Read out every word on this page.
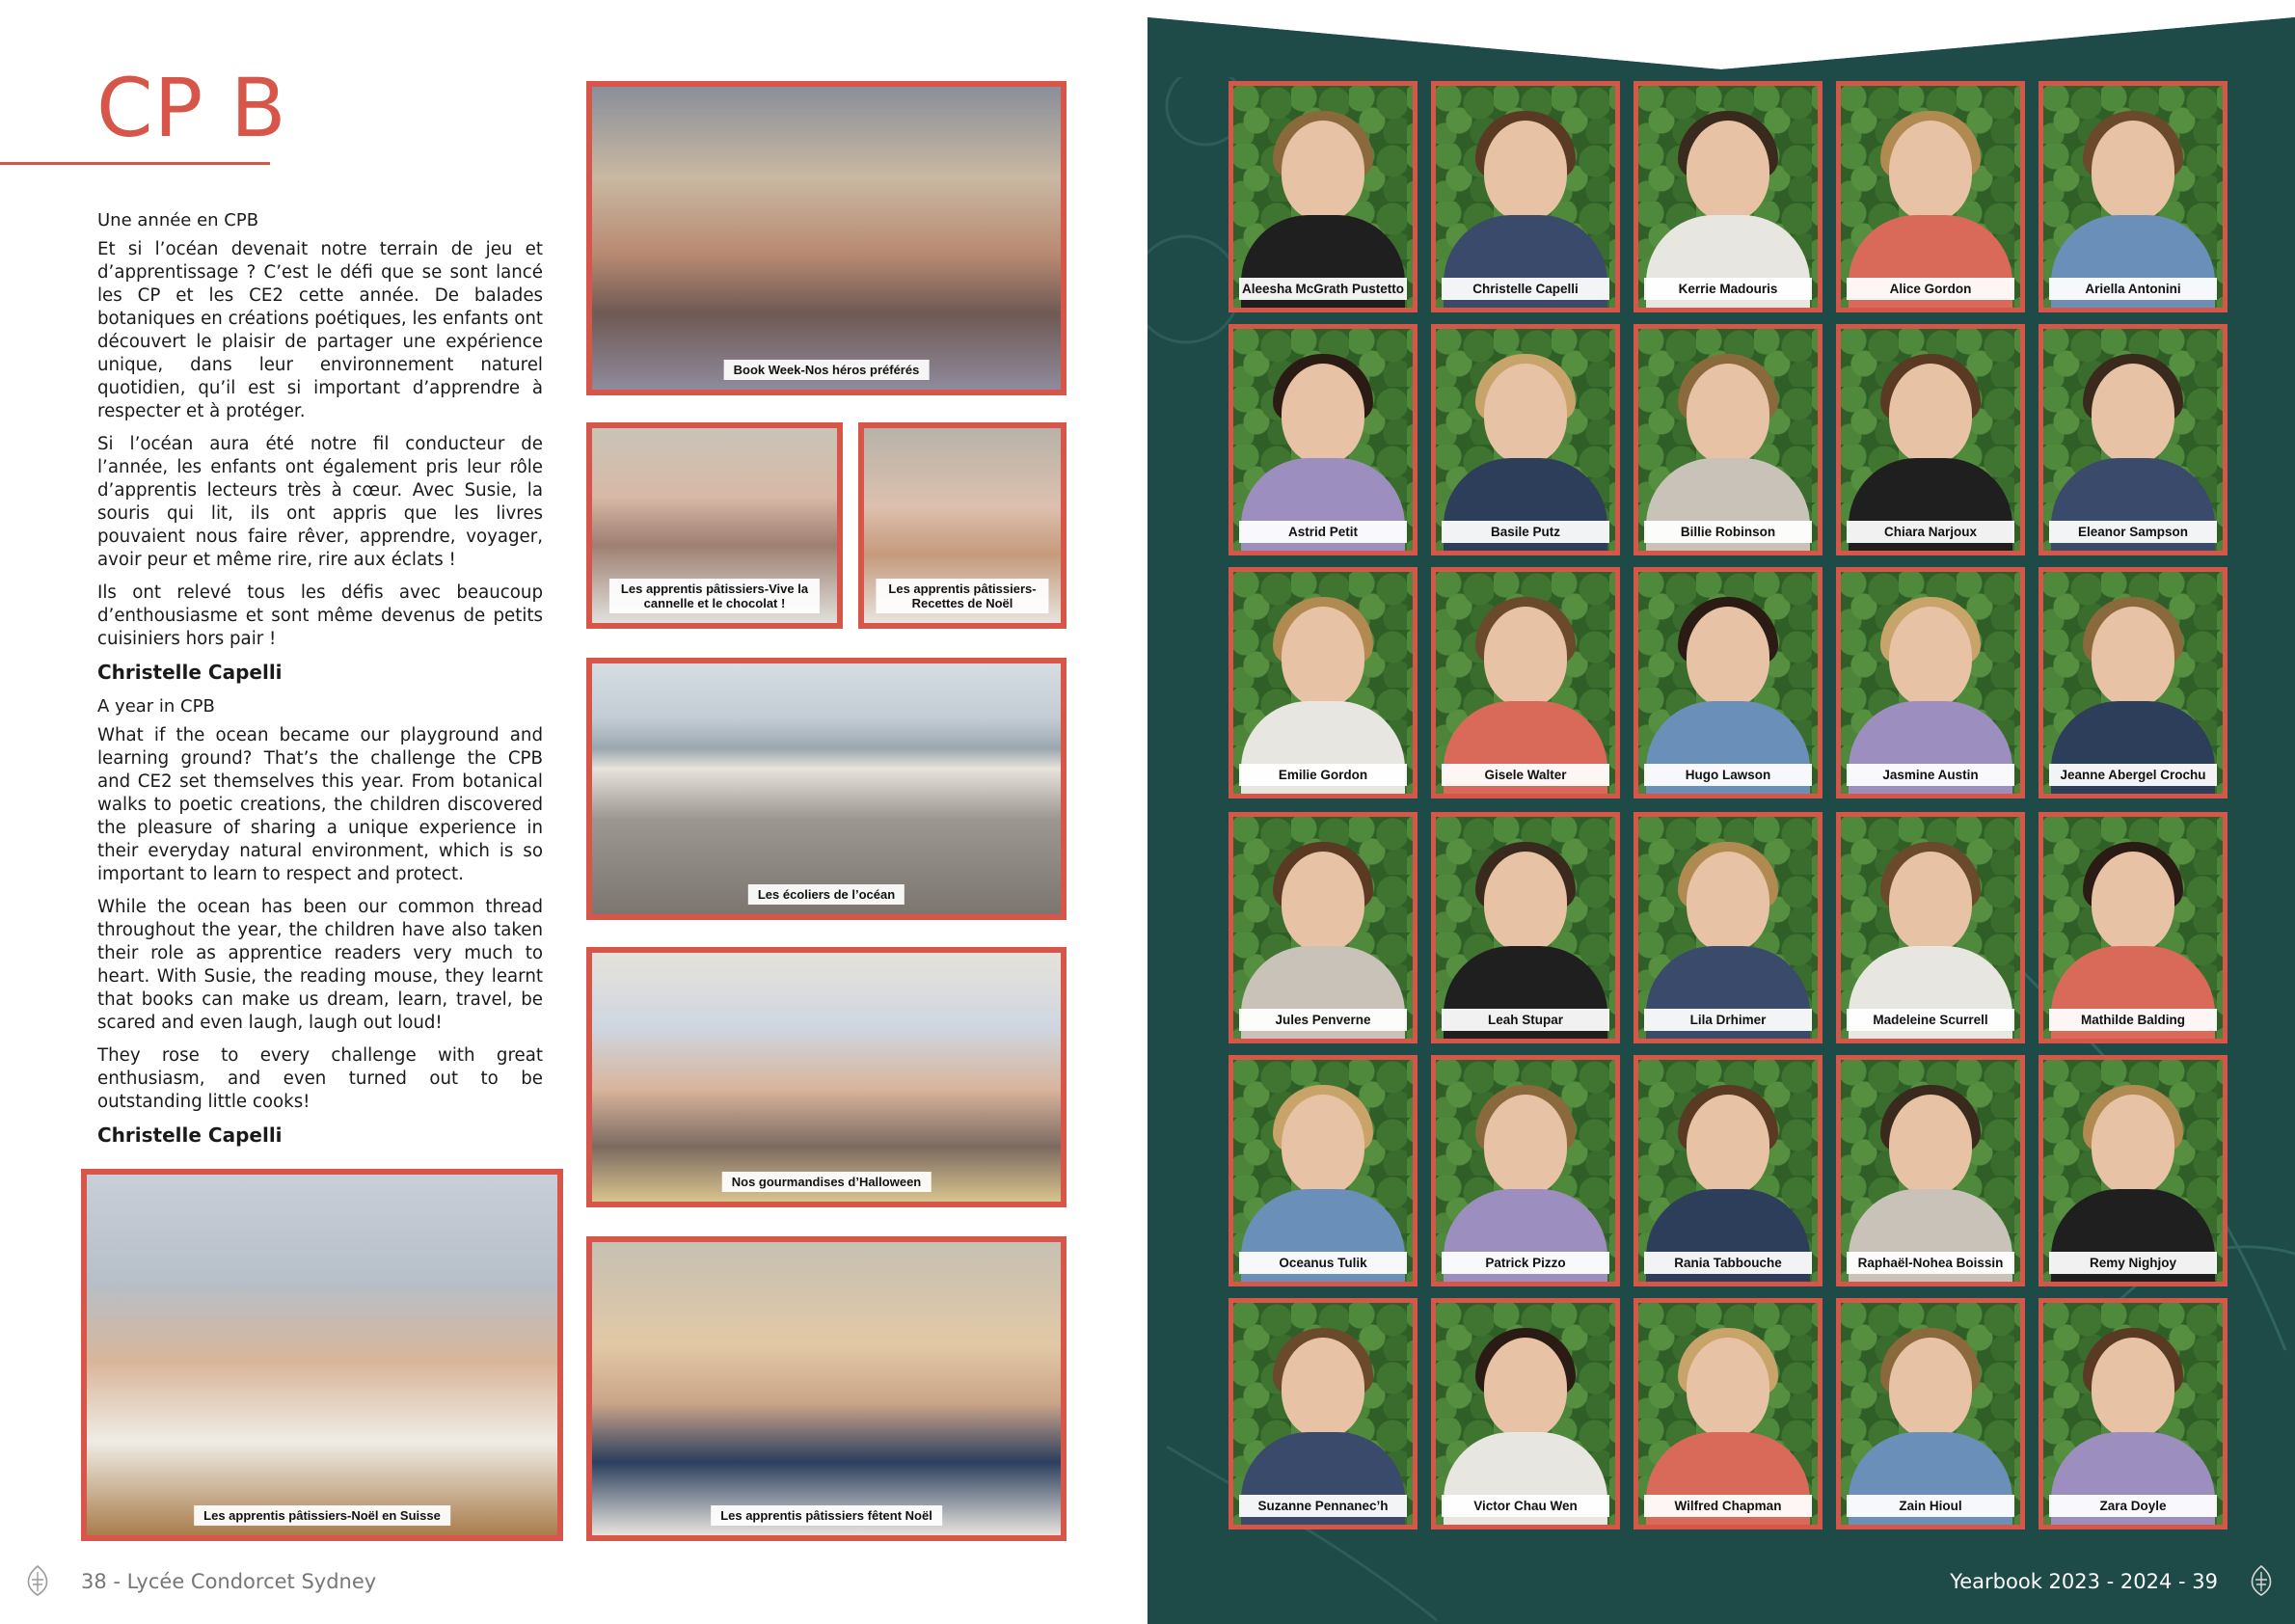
CP B
Une année en CPB

Et si l’océan devenait notre terrain de jeu et d’apprentissage ? C’est le défi que se sont lancé les CP et les CE2 cette année. De balades botaniques en créations poétiques, les enfants ont découvert le plaisir de partager une expérience unique, dans leur environnement naturel quotidien, qu’il est si important d’apprendre à respecter et à protéger.

Si l’océan aura été notre fil conducteur de l’année, les enfants ont également pris leur rôle d’apprentis lecteurs très à cœur. Avec Susie, la souris qui lit, ils ont appris que les livres pouvaient nous faire rêver, apprendre, voyager, avoir peur et même rire, rire aux éclats !

Ils ont relevé tous les défis avec beaucoup d’enthousiasme et sont même devenus de petits cuisiniers hors pair !

Christelle Capelli
A year in CPB

What if the ocean became our playground and learning ground? That’s the challenge the CPB and CE2 set themselves this year. From botanical walks to poetic creations, the children discovered the pleasure of sharing a unique experience in their everyday natural environment, which is so important to learn to respect and protect.

While the ocean has been our common thread throughout the year, the children have also taken their role as apprentice readers very much to heart. With Susie, the reading mouse, they learnt that books can make us dream, learn, travel, be scared and even laugh, laugh out loud!

They rose to every challenge with great enthusiasm, and even turned out to be outstanding little cooks!

Christelle Capelli
Book Week-Nos héros préférés
Les apprentis pâtissiers-Vive la cannelle et le chocolat !
Les apprentis pâtissiers-Recettes de Noël
Les écoliers de l’océan
Nos gourmandises d’Halloween
Les apprentis pâtissiers-Noël en Suisse	Les apprentis pâtissiers fêtent Noël
38 - Lycée Condorcet Sydney
Aleesha McGrath Pustetto	Christelle Capelli	Kerrie Madouris	Alice Gordon	Ariella Antonini
Astrid Petit	Basile Putz	Billie Robinson	Chiara Narjoux	Eleanor Sampson
Emilie Gordon	Gisele Walter	Hugo Lawson	Jasmine Austin	Jeanne Abergel Crochu
Jules Penverne	Leah Stupar	Lila Drhimer	Madeleine Scurrell	Mathilde Balding
Oceanus Tulik	Patrick Pizzo	Rania Tabbouche	Raphaël-Nohea Boissin	Remy Nighjoy
Suzanne Pennanec’h	Victor Chau Wen	Wilfred Chapman	Zain Hioul	Zara Doyle
Yearbook 2023 - 2024 - 39
